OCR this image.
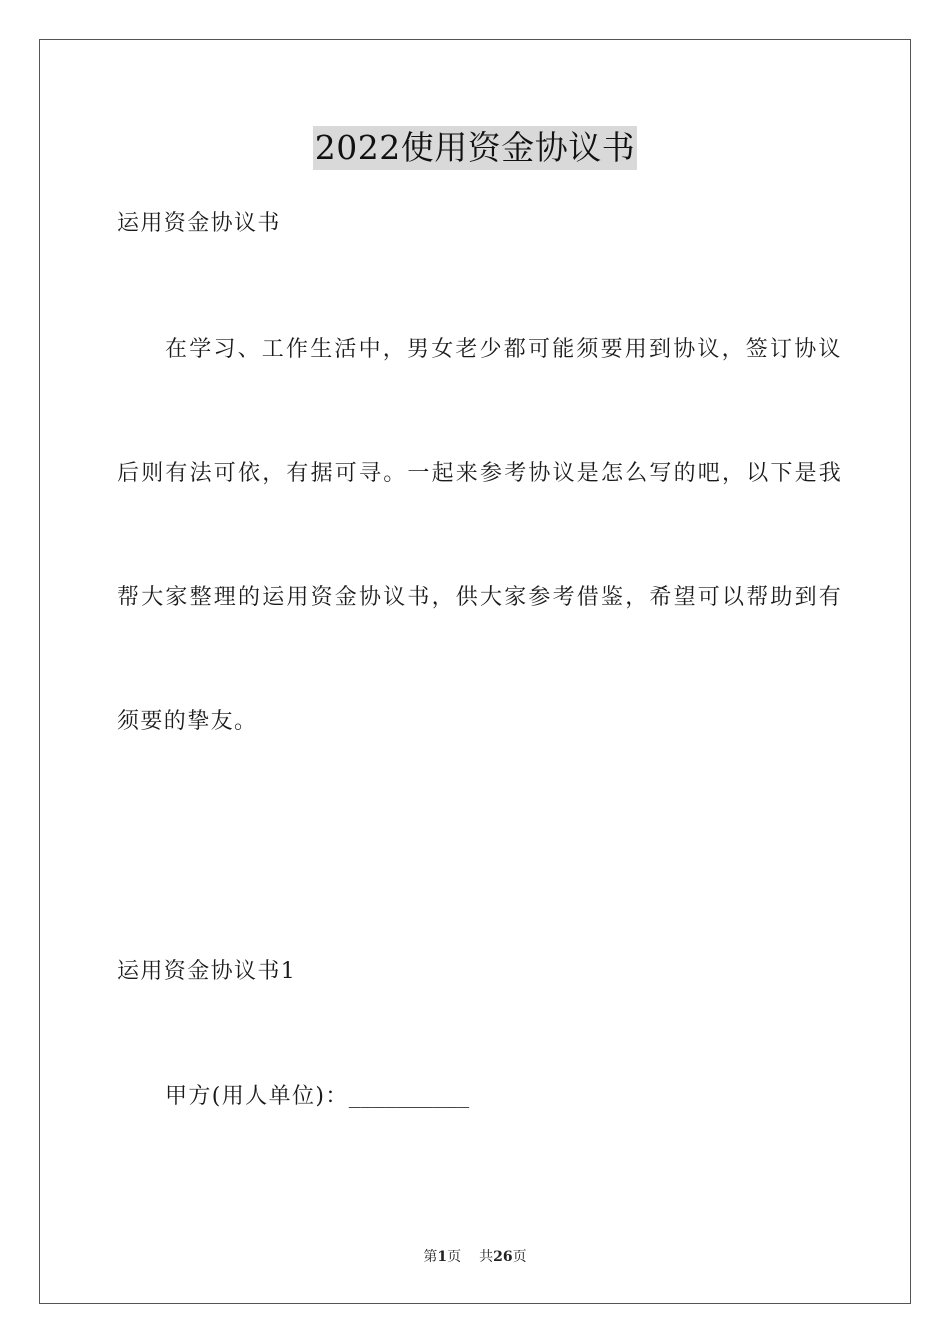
2022使用资金协议书
运用资金协议书
在学习、工作生活中，男女老少都可能须要用到协议，签订协议
后则有法可依，有据可寻。一起来参考协议是怎么写的吧，以下是我
帮大家整理的运用资金协议书，供大家参考借鉴，希望可以帮助到有
须要的挚友。
运用资金协议书1
甲方(用人单位)：__________
第1页 共26页
